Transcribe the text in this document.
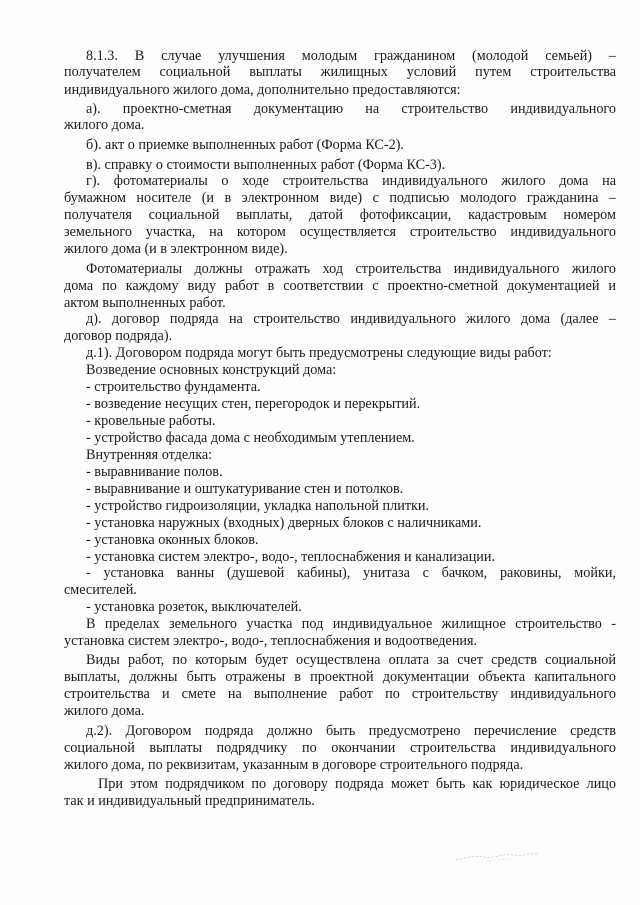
8.1.3. В случае улучшения молодым гражданином (молодой семьей) –

получателем социальной выплаты жилищных условий путем строительства

индивидуального жилого дома, дополнительно предоставляются:

а). проектно-сметная документацию на строительство индивидуального

жилого дома.

б). акт о приемке выполненных работ (Форма КС-2).

в). справку о стоимости выполненных работ (Форма КС-3).

г). фотоматериалы о ходе строительства индивидуального жилого дома на

бумажном носителе (и в электронном виде) с подписью молодого гражданина –

получателя социальной выплаты, датой фотофиксации, кадастровым номером

земельного участка, на котором осуществляется строительство индивидуального

жилого дома (и в электронном виде).

Фотоматериалы должны отражать ход строительства индивидуального жилого

дома по каждому виду работ в соответствии с проектно-сметной документацией и

актом выполненных работ.

д). договор подряда на строительство индивидуального жилого дома (далее –

договор подряда).

д.1). Договором подряда могут быть предусмотрены следующие виды работ:

Возведение основных конструкций дома:

- строительство фундамента.

- возведение несущих стен, перегородок и перекрытий.

- кровельные работы.

- устройство фасада дома с необходимым утеплением.

Внутренняя отделка:

- выравнивание полов.

- выравнивание и оштукатуривание стен и потолков.

- устройство гидроизоляции, укладка напольной плитки.

- установка наружных (входных) дверных блоков с наличниками.

- установка оконных блоков.

- установка систем электро-, водо-, теплоснабжения и канализации.

- установка ванны (душевой кабины), унитаза с бачком, раковины, мойки,

смесителей.

- установка розеток, выключателей.

В пределах земельного участка под индивидуальное жилищное строительство -

установка систем электро-, водо-, теплоснабжения и водоотведения.

Виды работ, по которым будет осуществлена оплата за счет средств социальной

выплаты, должны быть отражены в проектной документации объекта капитального

строительства и смете на выполнение работ по строительству индивидуального

жилого дома.

д.2). Договором подряда должно быть предусмотрено перечисление средств

социальной выплаты подрядчику по окончании строительства индивидуального

жилого дома, по реквизитам, указанным в договоре строительного подряда.

При этом подрядчиком по договору подряда может быть как юридическое лицо

так и индивидуальный предприниматель.
